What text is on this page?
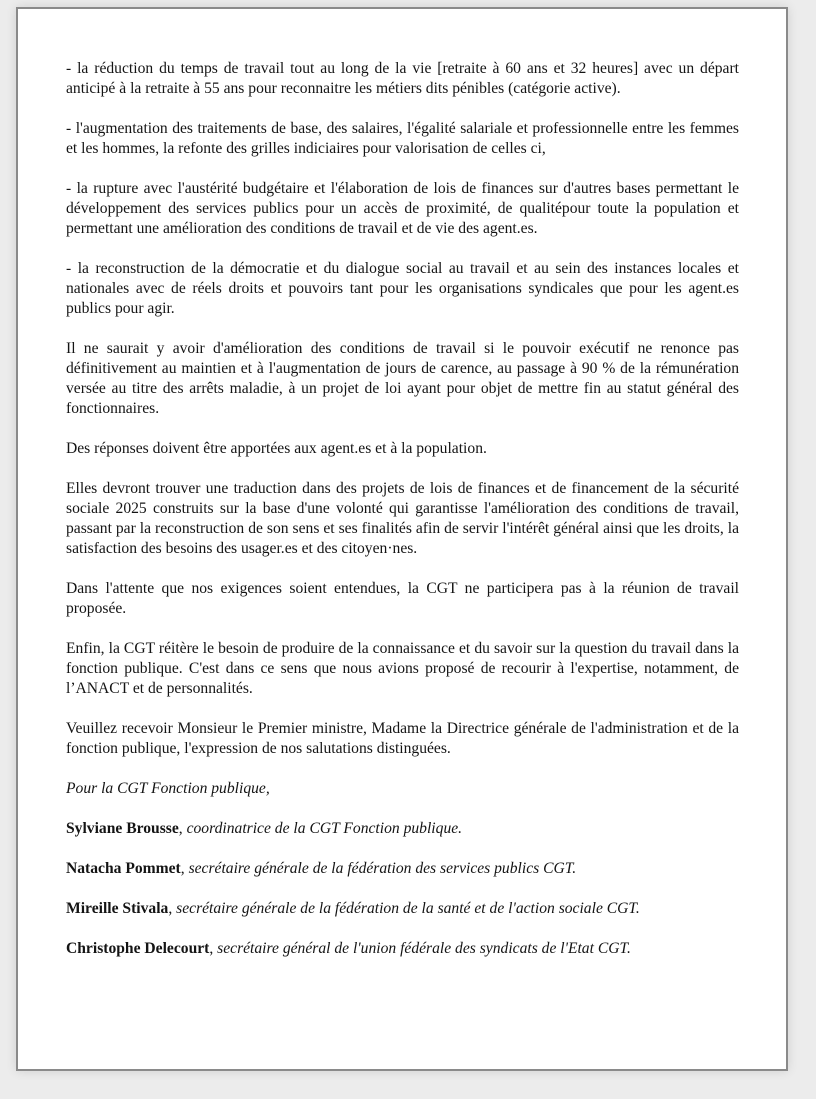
- la réduction du temps de travail tout au long de la vie [retraite à 60 ans et 32 heures] avec un départ anticipé à la retraite à 55 ans pour reconnaitre les métiers dits pénibles (catégorie active).

- l'augmentation des traitements de base, des salaires, l'égalité salariale et professionnelle entre les femmes et les hommes, la refonte des grilles indiciaires pour valorisation de celles ci,

- la rupture avec l'austérité budgétaire et l'élaboration de lois de finances sur d'autres bases permettant le développement des services publics pour un accès de proximité, de qualitépour toute la population et permettant une amélioration des conditions de travail et de vie des agent.es.

- la reconstruction de la démocratie et du dialogue social au travail et au sein des instances locales et nationales avec de réels droits et pouvoirs tant pour les organisations syndicales que pour les agent.es publics pour agir.

Il ne saurait y avoir d'amélioration des conditions de travail si le pouvoir exécutif ne renonce pas définitivement au maintien et à l'augmentation de jours de carence, au passage à 90 % de la rémunération versée au titre des arrêts maladie, à un projet de loi ayant pour objet de mettre fin au statut général des fonctionnaires.

Des réponses doivent être apportées aux agent.es et à la population.

Elles devront trouver une traduction dans des projets de lois de finances et de financement de la sécurité sociale 2025 construits sur la base d'une volonté qui garantisse l'amélioration des conditions de travail, passant par la reconstruction de son sens et ses finalités afin de servir l'intérêt général ainsi que les droits, la satisfaction des besoins des usager.es et des citoyen·nes.

Dans l'attente que nos exigences soient entendues, la CGT ne participera pas à la réunion de travail proposée.

Enfin, la CGT réitère le besoin de produire de la connaissance et du savoir sur la question du travail dans la fonction publique. C'est dans ce sens que nous avions proposé de recourir à l'expertise, notamment, de l’ANACT et de personnalités.

Veuillez recevoir Monsieur le Premier ministre, Madame la Directrice générale de l'administration et de la fonction publique, l'expression de nos salutations distinguées.

Pour la CGT Fonction publique,

Sylviane Brousse, coordinatrice de la CGT Fonction publique.

Natacha Pommet, secrétaire générale de la fédération des services publics CGT.

Mireille Stivala, secrétaire générale de la fédération de la santé et de l'action sociale CGT.

Christophe Delecourt, secrétaire général de l'union fédérale des syndicats de l'Etat CGT.
